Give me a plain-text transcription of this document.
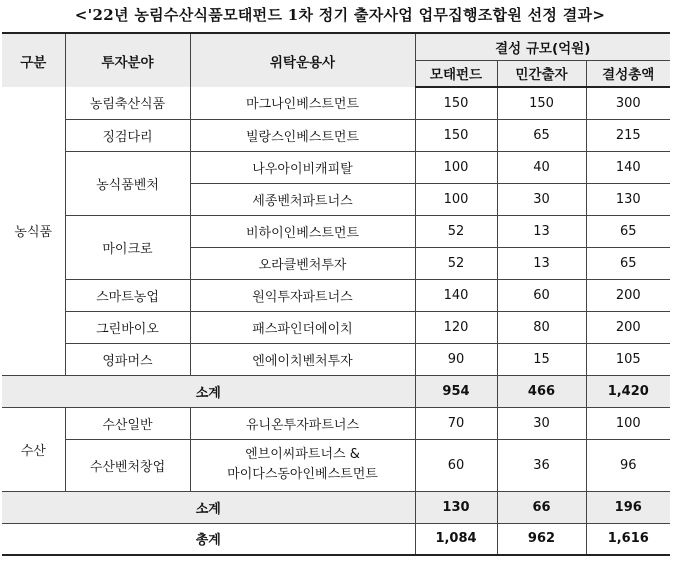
<'22년 농림수산식품모태펀드 1차 정기 출자사업 업무집행조합원 선정 결과>
구분	투자분야	위탁운용사	결성 규모(억원)		
			모태펀드	민간출자	결성총액
농식품	농림축산식품	마그나인베스트먼트	150	150	300
	징검다리	빌랑스인베스트먼트	150	65	215
	농식품벤처	나우아이비캐피탈	100	40	140
		세종벤처파트너스	100	30	130
	마이크로	비하이인베스트먼트	52	13	65
		오라클벤처투자	52	13	65
	스마트농업	원익투자파트너스	140	60	200
	그린바이오	패스파인더에이치	120	80	200
	영파머스	엔에이치벤처투자	90	15	105
소계			954	466	1,420
수산	수산일반	유니온투자파트너스	70	30	100
	수산벤처창업	엔브이씨파트너스 &
마이다스동아인베스트먼트	60	36	96
소계			130	66	196
총계			1,084	962	1,616
